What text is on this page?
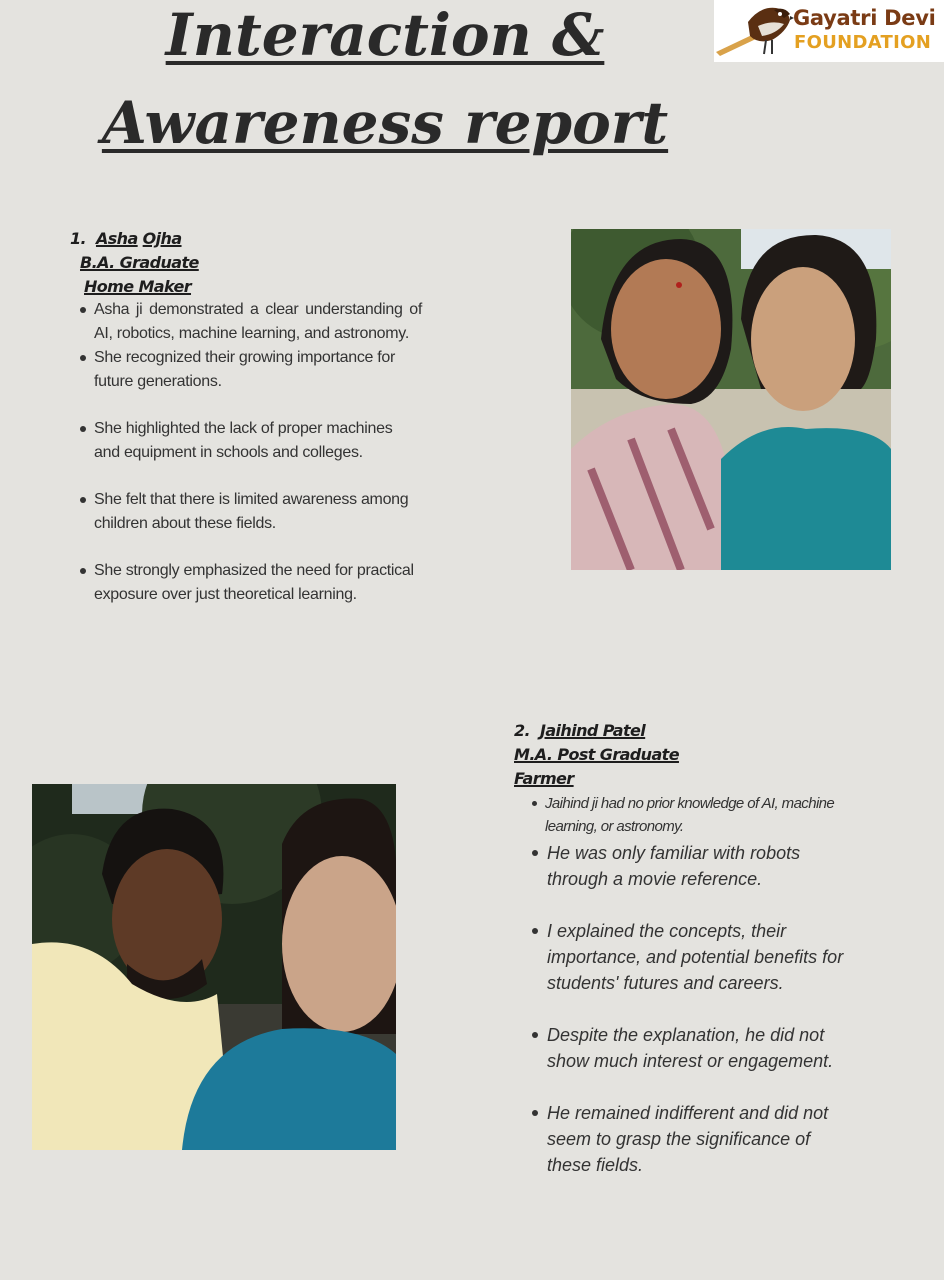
Interaction &
Awareness report
Gayatri Devi
FOUNDATION
1. Asha Ojha
B.A. Graduate
Home Maker
Asha ji demonstrated a clear understanding of AI, robotics, machine learning, and astronomy.
She recognized their growing importance for future generations.
She highlighted the lack of proper machines and equipment in schools and colleges.
She felt that there is limited awareness among children about these fields.
She strongly emphasized the need for practical exposure over just theoretical learning.
2. Jaihind Patel
M.A. Post Graduate
Farmer
Jaihind ji had no prior knowledge of AI, machine learning, or astronomy.
He was only familiar with robots through a movie reference.
I explained the concepts, their importance, and potential benefits for students' futures and careers.
Despite the explanation, he did not show much interest or engagement.
He remained indifferent and did not seem to grasp the significance of these fields.
